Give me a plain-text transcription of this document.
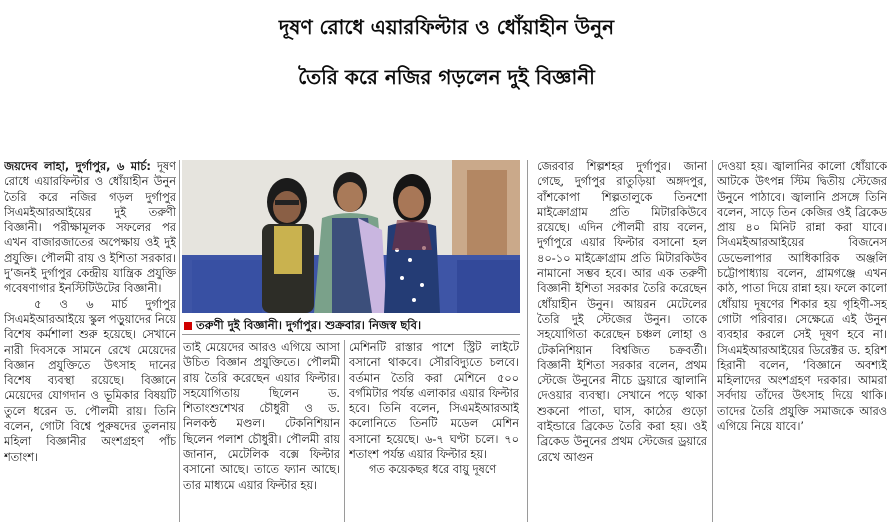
দূষণ রোধে এয়ারফিল্টার ও ধোঁয়াহীন উনুন
তৈরি করে নজির গড়লেন দুই বিজ্ঞানী

জয়দেব লাহা, দুর্গাপুর, ৬ মার্চ: দূষণ রোধে এয়ারফিল্টার ও ধোঁয়াহীন উনুন তৈরি করে নজির গড়ল দুর্গাপুর সিএমইআরআইয়ের দুই তরুণী বিজ্ঞানী। পরীক্ষামূলক সফলের পর এখন বাজারজাতের অপেক্ষায় ওই দুই প্রযুক্তি। পৌলমী রায় ও ইশিতা সরকার। দু’জনই দুর্গাপুর কেন্দ্রীয় যান্ত্রিক প্রযুক্তি গবেষণাগার ইনস্টিটিউটের বিজ্ঞানী।

৫ ও ৬ মার্চ দুর্গাপুর সিএমইআরআইয়ে স্কুল পড়ুয়াদের নিয়ে বিশেষ কর্মশালা শুরু হয়েছে। সেখানে নারী দিবসকে সামনে রেখে মেয়েদের বিজ্ঞান প্রযুক্তিতে উৎসাহ দানের বিশেষ ব্যবস্থা রয়েছে। বিজ্ঞানে মেয়েদের যোগদান ও ভূমিকার বিষয়টি তুলে ধরেন ড. পৌলমী রায়। তিনি বলেন, গোটা বিশ্বে পুরুষদের তুলনায় মহিলা বিজ্ঞানীর অংশগ্রহণ পাঁচ শতাংশ।

তরুণী দুই বিজ্ঞানী। দুর্গাপুর। শুক্রবার। নিজস্ব ছবি।

তাই মেয়েদের আরও এগিয়ে আসা উচিত বিজ্ঞান প্রযুক্তিতে। পৌলমী রায় তৈরি করেছেন এয়ার ফিল্টার। সহযোগিতায় ছিলেন ড. শিতাংশুশেখর চৌধুরী ও ড. নিলকন্ঠ মণ্ডল। টেকনিশিয়ান ছিলেন পলাশ চৌধুরী। পৌলমী রায় জানান, মেটেলিক বক্সে ফিল্টার বসানো আছে। তাতে ফ্যান আছে। তার মাধ্যমে এয়ার ফিল্টার হয়।

মেশিনটি রাস্তার পাশে স্ট্রিট লাইটে বসানো থাকবে। সৌরবিদ্যুতে চলবে। বর্তমান তৈরি করা মেশিনে ৫০০ বর্গমিটার পর্যন্ত এলাকার এয়ার ফিল্টার হবে। তিনি বলেন, সিএমইআরআই কলোনিতে তিনটি মডেল মেশিন বসানো হয়েছে। ৬-৭ ঘণ্টা চলে। ৭০ শতাংশ পর্যন্ত এয়ার ফিল্টার হয়।

গত কয়েকছর ধরে বায়ু দূষণে

জেরবার শিল্পশহর দুর্গাপুর। জানা গেছে, দুর্গাপুর রাতুড়িয়া অঙ্গদপুর, বাঁশকোপা শিল্পতালুকে তিনশো মাইক্রোগ্রাম প্রতি মিটারকিউবে রয়েছে। এদিন পৌলমী রায় বলেন, দুর্গাপুরে এয়ার ফিল্টার বসানো হল ৪০-১০ মাইক্রোগ্রাম প্রতি মিটারকিউব নামানো সম্ভব হবে। আর এক তরুণী বিজ্ঞানী ইশিতা সরকার তৈরি করেছেন ধোঁয়াহীন উনুন। আয়রন মেটেলের তৈরি দুই স্টেজের উনুন। তাকে সহযোগিতা করেছেন চঞ্চল লোহা ও টেকনিশিয়ান বিশ্বজিত চক্রবর্তী। বিজ্ঞানী ইশিতা সরকার বলেন, প্রথম স্টেজে উনুনের নীচে ড্রয়ারে জ্বালানি দেওয়ার ব্যবস্থা। সেখানে পড়ে থাকা শুকনো পাতা, ঘাস, কাঠের গুড়ো বাইন্ডারে ব্রিকেড তৈরি করা হয়। ওই ব্রিকেড উনুনের প্রথম স্টেজের ড্রয়ারে রেখে আগুন

দেওয়া হয়। জ্বালানির কালো ধোঁয়াকে আটকে উৎপন্ন স্টিম দ্বিতীয় স্টেজের উনুনে পাঠাবে। জ্বালানি প্রসঙ্গে তিনি বলেন, সাড়ে তিন কেজির ওই ব্রিকেড প্রায় ৪০ মিনিট রান্না করা যাবে। সিএমইআরআইয়ের বিজনেস ডেভেলাপার আধিকারিক অঞ্জলি চট্টোপাধ্যায় বলেন, গ্রামগঞ্জে এখন কাঠ, পাতা দিয়ে রান্না হয়। ফলে কালো ধোঁয়ায় দূষণের শিকার হয় গৃহিণী-সহ গোটা পরিবার। সেক্ষেত্রে এই উনুন ব্যবহার করলে সেই দূষণ হবে না। সিএমইআরআইয়ের ডিরেক্টর ড. হরিশ হিরানী বলেন, ‘বিজ্ঞানে অবশ্যই মহিলাদের অংশগ্রহণ দরকার। আমরা সর্বদায় তাঁদের উৎসাহ দিয়ে থাকি। তাদের তৈরি প্রযুক্তি সমাজকে আরও এগিয়ে নিয়ে যাবে।’
